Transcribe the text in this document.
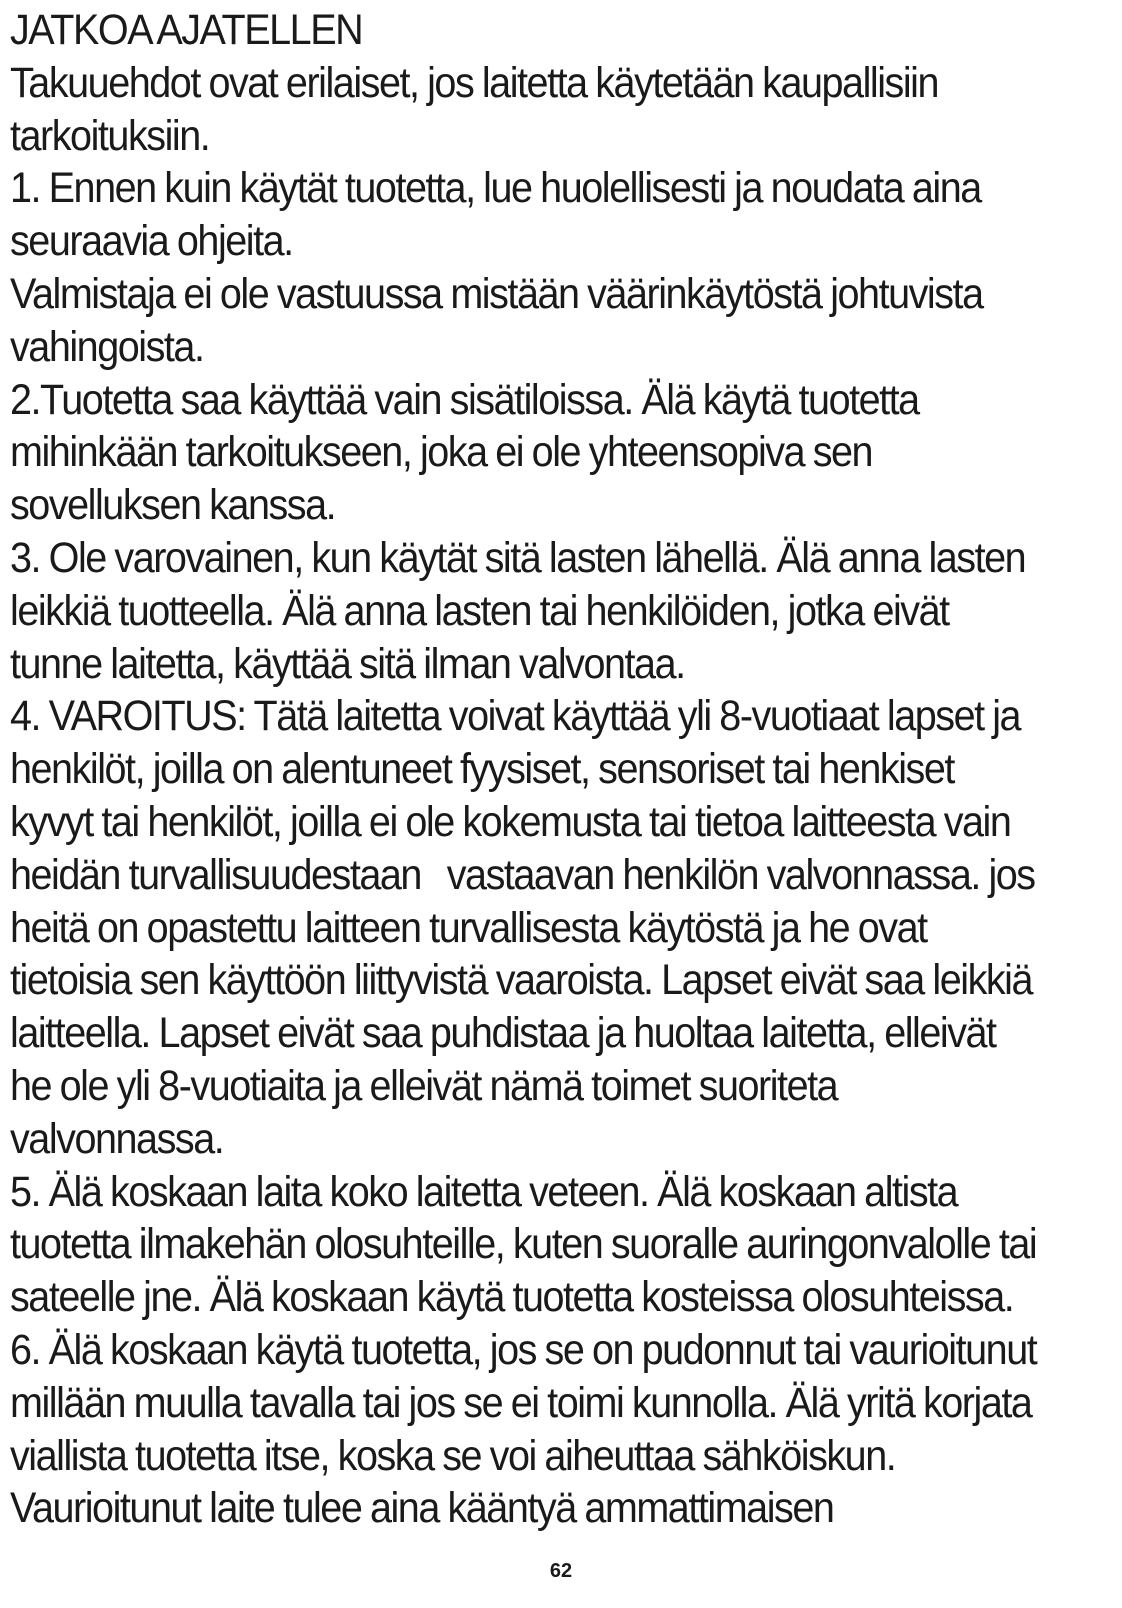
JATKOA AJATELLEN
Takuuehdot ovat erilaiset, jos laitetta käytetään kaupallisiin
tarkoituksiin.
1. Ennen kuin käytät tuotetta, lue huolellisesti ja noudata aina
seuraavia ohjeita.
Valmistaja ei ole vastuussa mistään väärinkäytöstä johtuvista
vahingoista.
2.Tuotetta saa käyttää vain sisätiloissa. Älä käytä tuotetta
mihinkään tarkoitukseen, joka ei ole yhteensopiva sen
sovelluksen kanssa.
3. Ole varovainen, kun käytät sitä lasten lähellä. Älä anna lasten
leikkiä tuotteella. Älä anna lasten tai henkilöiden, jotka eivät
tunne laitetta, käyttää sitä ilman valvontaa.
4. VAROITUS: Tätä laitetta voivat käyttää yli 8-vuotiaat lapset ja
henkilöt, joilla on alentuneet fyysiset, sensoriset tai henkiset
kyvyt tai henkilöt, joilla ei ole kokemusta tai tietoa laitteesta vain
heidän turvallisuudestaan   vastaavan henkilön valvonnassa. jos
heitä on opastettu laitteen turvallisesta käytöstä ja he ovat
tietoisia sen käyttöön liittyvistä vaaroista. Lapset eivät saa leikkiä
laitteella. Lapset eivät saa puhdistaa ja huoltaa laitetta, elleivät
he ole yli 8-vuotiaita ja elleivät nämä toimet suoriteta
valvonnassa.
5. Älä koskaan laita koko laitetta veteen. Älä koskaan altista
tuotetta ilmakehän olosuhteille, kuten suoralle auringonvalolle tai
sateelle jne. Älä koskaan käytä tuotetta kosteissa olosuhteissa.
6. Älä koskaan käytä tuotetta, jos se on pudonnut tai vaurioitunut
millään muulla tavalla tai jos se ei toimi kunnolla. Älä yritä korjata
viallista tuotetta itse, koska se voi aiheuttaa sähköiskun.
Vaurioitunut laite tulee aina kääntyä ammattimaisen
62
